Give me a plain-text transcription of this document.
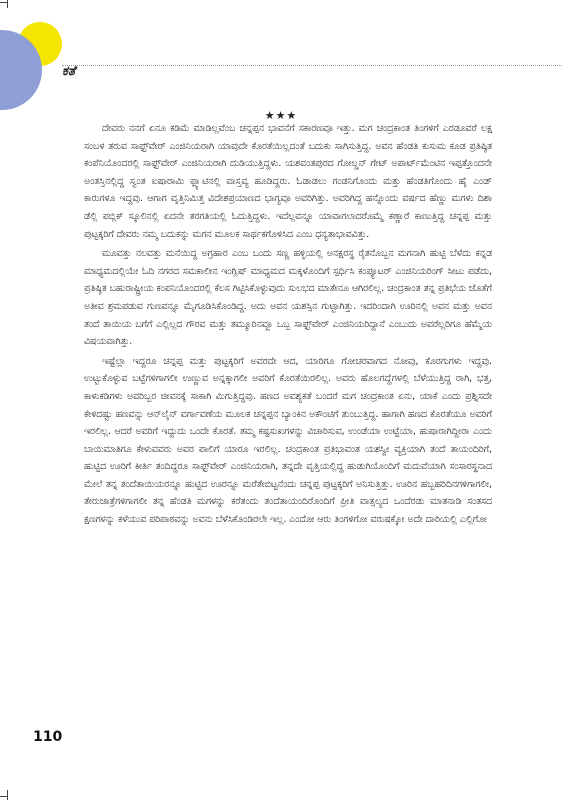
ಕತೆ
★★★

ದೇವರು ನನಗೆ ಏನೂ ಕಡಿಮೆ ಮಾಡಿಲ್ಲವೆಂಬ ಚನ್ನಪ್ಪನ ಭಾವನೆಗೆ ಸಕಾರಣವೂ ಇತ್ತು. ಮಗ ಚಂದ್ರಕಾಂತ ತಿಂಗಳಿಗೆ ಎರಡೂವರೆ ಲಕ್ಷ ಸಂಬಳ ತರುವ ಸಾಫ್ಟ್‌ವೇರ್ ಎಂಜಿನಿಯರಾಗಿ ಯಾವುದೇ ಕೊರತೆಯಿಲ್ಲದಂತೆ ಬದುಕು ಸಾಗಿಸುತ್ತಿದ್ದ. ಅವನ ಹೆಂಡತಿ ಕುಸುಮ ಕೂಡ ಪ್ರತಿಷ್ಠಿತ ಕಂಪೆನಿಯೊಂದರಲ್ಲಿ ಸಾಫ್ಟ್‌ವೇರ್ ಎಂಜಿನಿಯರಾಗಿ ದುಡಿಯುತ್ತಿದ್ದಳು. ಯಶವಂತಪುರದ ಗೋಲ್ಡನ್ ಗೇಟ್ ಅಪಾರ್ಟ್‌ಮೆಂಟಿನ ಇಪ್ಪತ್ತೊಂದನೇ ಅಂತಸ್ತಿನಲ್ಲಿದ್ದ ಸ್ವಂತ ಐಷಾರಾಮಿ ಫ್ಲ್ಯಾಟಿನಲ್ಲಿ ವಾಸ್ತವ್ಯ ಹೂಡಿದ್ದರು. ಓಡಾಡಲು ಗಂಡನಿಗೊಂದು ಮತ್ತು ಹೆಂಡತಿಗೊಂದು ಹೈ ಎಂಡ್ ಕಾರುಗಳೂ ಇದ್ದವು. ಆಗಾಗ ವೃತ್ತಿನಿಮಿತ್ತ ವಿದೇಶಪ್ರಯಾಣದ ಭಾಗ್ಯವೂ ಅವರಿಗಿತ್ತು. ಅವರಿಗಿದ್ದ ಹನ್ನೊಂದು ವರ್ಷದ ಹೆಣ್ಣು ಮಗಳು ದಿಶಾ ಡೆಲ್ಲಿ ಪಬ್ಲಿಕ್ ಸ್ಕೂಲಿನಲ್ಲಿ ಏದನೇ ತರಗತಿಯಲ್ಲಿ ಓದುತ್ತಿದ್ದಳು. ಇದೆಲ್ಲವನ್ನೂ ಯಾವಾಗಲಾದರೊಮ್ಮೆ ಕಣ್ಣಾರೆ ಕಾಣುತ್ತಿದ್ದ ಚನ್ನಪ್ಪ ಮತ್ತು ಪುಟ್ಟಕ್ಕರಿಗೆ ದೇವರು ನಮ್ಮ ಬದುಕನ್ನು ಮಗನ ಮೂಲಕ ಸಾರ್ಥಕಗೊಳಿಸಿದ ಎಂಬ ಧನ್ಯತಾಭಾವವಿತ್ತು.

ಮೂವತ್ತು ನಲವತ್ತು ಮನೆಯಿದ್ದ ಅಗ್ರಹಾರ ಎಂಬ ಒಂದು ಸಣ್ಣ ಹಳ್ಳಿಯಲ್ಲಿ ಅನಕ್ಷರಸ್ಥ ರೈತನೊಬ್ಬನ ಮಗನಾಗಿ ಹುಟ್ಟಿ ಬೆಳೆದು ಕನ್ನಡ ಮಾಧ್ಯಮದಲ್ಲಿಯೇ ಓದಿ ನಗರದ ಸಮಕಾಲೀನ ಇಂಗ್ಲಿಷ್ ಮಾಧ್ಯಮದ ಮಕ್ಕಳೊಂದಿಗೆ ಸ್ಪರ್ಧಿಸಿ ಕಂಪ್ಯೂಟರ್ ಎಂಜಿನಿಯರಿಂಗ್ ಸೀಟು ಪಡೆದು, ಪ್ರತಿಷ್ಠಿತ ಬಹುರಾಷ್ಟ್ರೀಯ ಕಂಪನಿಯೊಂದರಲ್ಲಿ ಕೆಲಸ ಗಿಟ್ಟಿಸಿಕೊಳ್ಳುವುದು ಸುಲಭದ ಮಾತೇನೂ ಆಗಿರಲಿಲ್ಲ. ಚಂದ್ರಕಾಂತ ತನ್ನ ಪ್ರತಿಭೆಯ ಜೊತೆಗೆ ಅತೀವ ಶ್ರಮಪಡುವ ಗುಣವನ್ನೂ ಮೈಗೂಡಿಸಿಕೊಂಡಿದ್ದ. ಅದು ಅವನ ಯಶಸ್ಸಿನ ಗುಟ್ಟಾಗಿತ್ತು. ಇದರಿಂದಾಗಿ ಊರಿನಲ್ಲಿ ಅವನ ಮತ್ತು ಅವನ ತಂದೆ ತಾಯಿಯ ಬಗೆಗೆ ಎಲ್ಲಿಲ್ಲದ ಗೌರವ ಮತ್ತು ತಮ್ಮೂರಿನವ್ಲೂ ಒಬ್ಬ ಸಾಫ್ಟ್‌ವೇರ್ ಎಂಜಿನಿಯರಿದ್ದಾನೆ ಎಂಬುದು ಅವರೆಲ್ಲರಿಗೂ ಹೆಮ್ಮೆಯ ವಿಷಯವಾಗಿತ್ತು.

ಇಷ್ಟೆಲ್ಲಾ ಇದ್ದರೂ ಚನ್ನಪ್ಪ ಮತ್ತು ಪುಟ್ಟಕ್ಕರಿಗೆ ಅವರದೇ ಆದ, ಯಾರಿಗೂ ಗೋಚರವಾಗದ ನೋವು, ಕೊರಗುಗಳು ಇದ್ದವು. ಉಟ್ಟುಕೊಳ್ಳುವ ಬಟ್ಟೆಗಳಿಗಾಗಲೀ ಉಣ್ಣುವ ಅನ್ನಕ್ಕಾಗಲೀ ಅವರಿಗೆ ಕೊರತೆಯಿರಲಿಲ್ಲ. ಅವರು ಹೊಲಗದ್ದೆಗಳಲ್ಲಿ ಬೆಳೆಯುತ್ತಿದ್ದ ರಾಗಿ, ಭತ್ತ, ಕಾಳುಕಡಿಗಳು ಅವರಿಬ್ಬರ ಜೀವನಕ್ಕೆ ಸಾಕಾಗಿ ಮಿಗುತ್ತಿದ್ದವು. ಹಣದ ಅವಶ್ಯಕತೆ ಬಂದರೆ ಮಗ ಚಂದ್ರಕಾಂತ ಏನು, ಯಾಕೆ ಎಂದು ಪ್ರಶ್ನಿಸದೇ ಕೇಳಿದಷ್ಟು ಹಣವನ್ನು ಆನ್‌ಲೈನ್ ವರ್ಗಾವಣೆಯ ಮೂಲಕ ಚನ್ನಪ್ಪನ ಬ್ಯಾಂಕಿನ ಅಕೌಂಟಿಗೆ ತುಂಬುತ್ತಿದ್ದ. ಹಾಗಾಗಿ ಹಣದ ಕೊರತೆಯೂ ಅವರಿಗೆ ಇರಲಿಲ್ಲ. ಆದರೆ ಅವರಿಗೆ ಇದ್ದುದು ಒಂದೇ ಕೊರತೆ. ತಮ್ಮ ಕಷ್ಟಸುಖಗಳನ್ನು ವಿಚಾರಿಸುವ, ಉಂಡೆಯಾ ಉಟ್ಟೆಯಾ, ಹುಷಾರಾಗಿದ್ದೀರಾ ಎಂದು ಬಾಯಿಮಾತಿಗೂ ಕೇಳುವವರು ಅವರ ಪಾಲಿಗೆ ಯಾರೂ ಇರಲಿಲ್ಲ. ಚಂದ್ರಕಾಂತ ಪ್ರತಿಭಾವಂತ ಯಶಸ್ವೀ ವ್ಯಕ್ತಿಯಾಗಿ ತಂದೆ ತಾಯಂದಿರಿಗೆ, ಹುಟ್ಟಿದ ಊರಿಗೆ ಕೀರ್ತಿ ತಂದಿದ್ದರೂ ಸಾಫ್ಟ್‌ವೇರ್ ಎಂಜಿನಿಯರಾಗಿ, ತನ್ನದೇ ವೃತ್ತಿಯಲ್ಲಿದ್ದ ಹುಡುಗಿಯೊಂದಿಗೆ ಮದುವೆಯಾಗಿ ಸಂಸಾರಸ್ಥನಾದ ಮೇಲೆ ತನ್ನ ತಂದೆತಾಯಿಯರನ್ನೂ ಹುಟ್ಟಿದ ಊರನ್ನೂ ಮರೆತೇಬಿಟ್ಟನೆಂದು ಚನ್ನಪ್ಪ ಪುಟ್ಟಕ್ಕರಿಗೆ ಅನಿಸುತ್ತಿತ್ತು. ಊರಿನ ಹಬ್ಬಹರಿದಿನಗಳಿಗಾಗಲೀ, ತೇರುಜಾತ್ರೆಗಳಿಗಾಗಲೀ ತನ್ನ ಹೆಂಡತಿ ಮಗಳನ್ನು ಕರೆತಂದು ತಂದೆತಾಯಂದಿರೊಂದಿಗೆ ಪ್ರೀತಿ ವಾತ್ಸಲ್ಯದ ಒಂದೆರಡು ಮಾತನಾಡಿ ಸಂತಸದ ಕ್ಷಣಗಳನ್ನು ಕಳೆಯುವ ಪರಿಪಾಠವನ್ನು ಅವನು ಬೆಳೆಸಿಕೊಂಡಿರಲೇ ಇಲ್ಲ. ಎಂದೋ ಆರು ತಿಂಗಳಿಗೋ ವರುಷಕ್ಕೋ ಅದೇ ದಾರಿಯಲ್ಲಿ ಎಲ್ಲಿಗೋ

110
